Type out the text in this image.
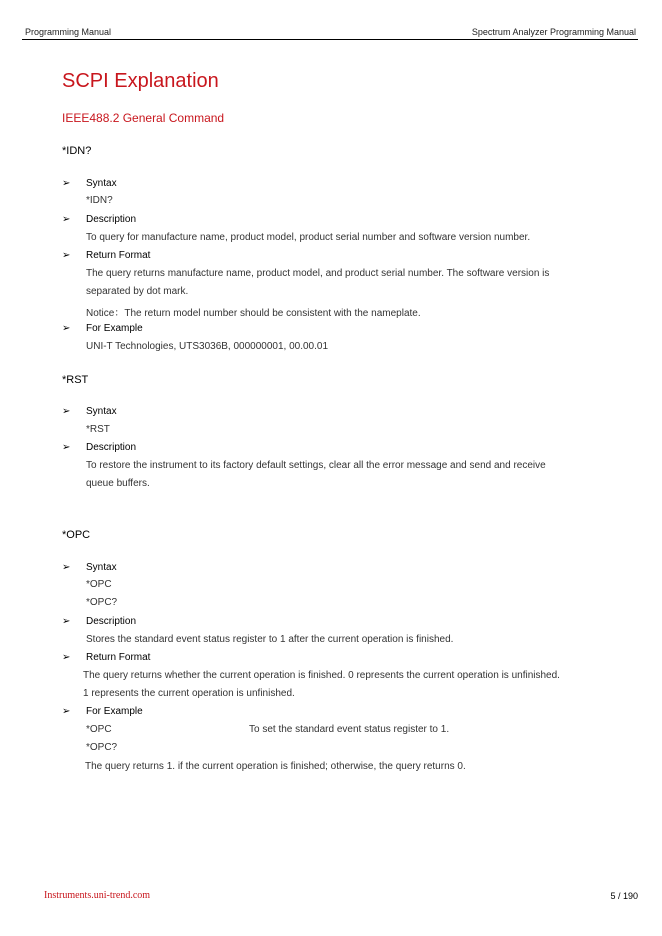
Programming Manual	Spectrum Analyzer Programming Manual
SCPI Explanation
IEEE488.2 General Command
*IDN?
➢ Syntax
*IDN?
➢ Description
To query for manufacture name, product model, product serial number and software version number.
➢ Return Format
The query returns manufacture name, product model, and product serial number. The software version is
separated by dot mark.
Notice：The return model number should be consistent with the nameplate.
➢ For Example
UNI-T Technologies, UTS3036B, 000000001, 00.00.01
*RST
➢ Syntax
*RST
➢ Description
To restore the instrument to its factory default settings, clear all the error message and send and receive
queue buffers.
*OPC
➢ Syntax
*OPC
*OPC?
➢ Description
Stores the standard event status register to 1 after the current operation is finished.
➢ Return Format
The query returns whether the current operation is finished. 0 represents the current operation is unfinished.
1 represents the current operation is unfinished.
➢ For Example
*OPC	To set the standard event status register to 1.
*OPC?
The query returns 1. if the current operation is finished; otherwise, the query returns 0.
Instruments.uni-trend.com	5 / 190
